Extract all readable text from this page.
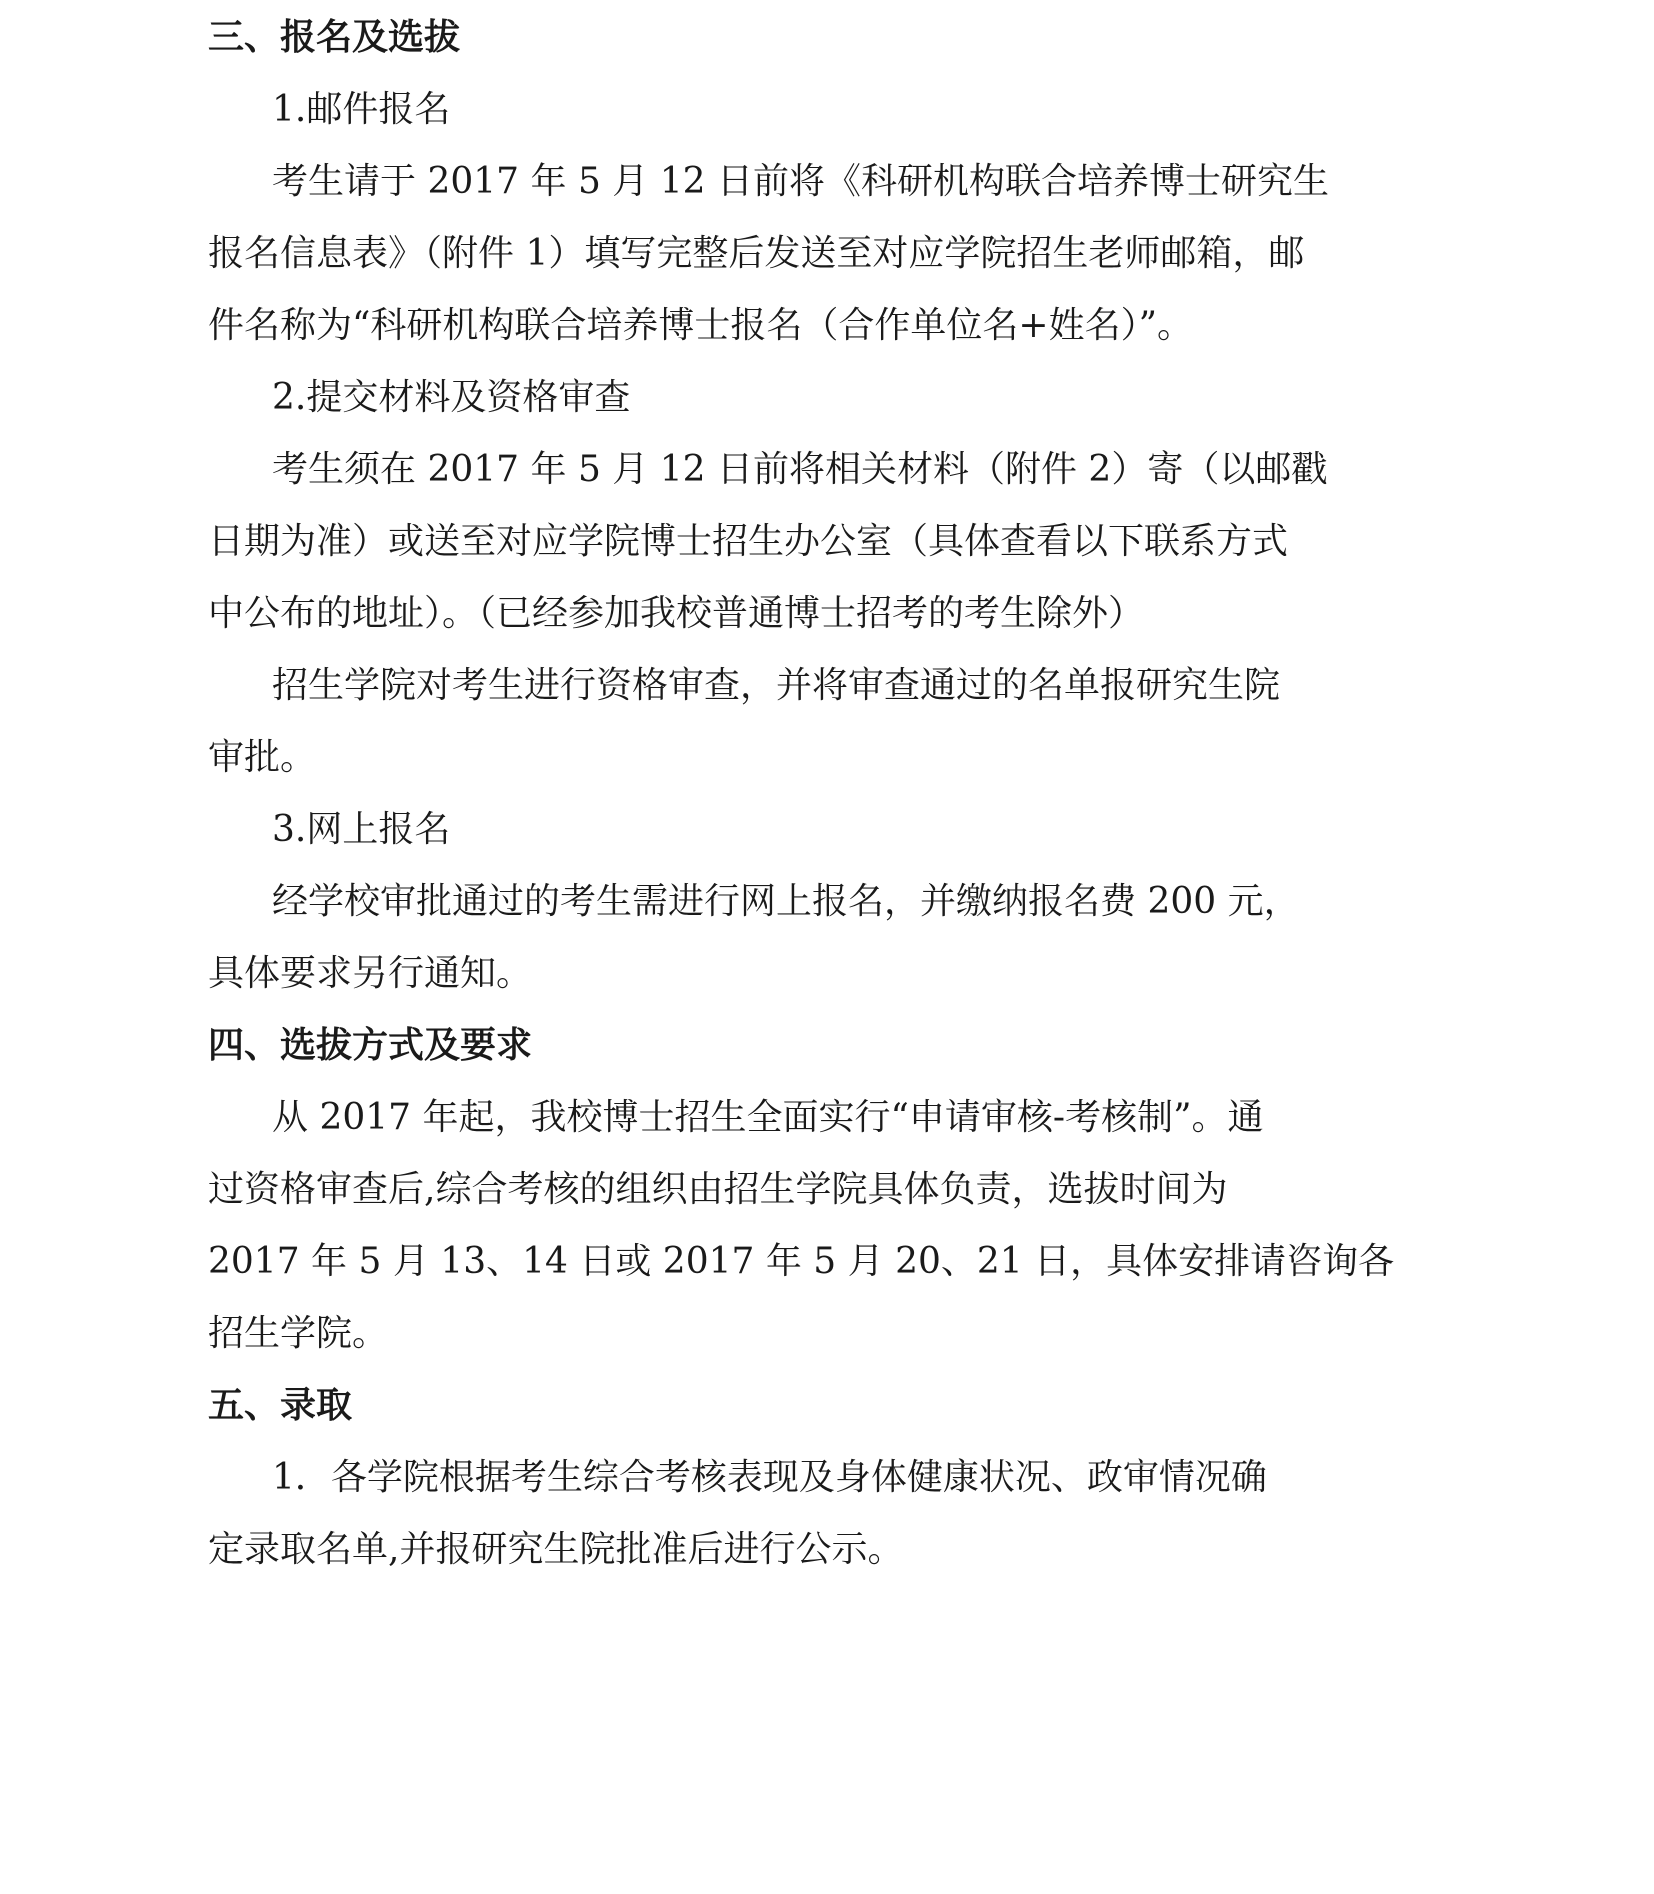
三、报名及选拔
1.邮件报名
考生请于 2017 年 5 月 12 日前将《科研机构联合培养博士研究生
报名信息表》（附件 1）填写完整后发送至对应学院招生老师邮箱，邮
件名称为“科研机构联合培养博士报名（合作单位名+姓名）”。
2.提交材料及资格审查
考生须在 2017 年 5 月 12 日前将相关材料（附件 2）寄（以邮戳
日期为准）或送至对应学院博士招生办公室（具体查看以下联系方式
中公布的地址）。（已经参加我校普通博士招考的考生除外）
招生学院对考生进行资格审查，并将审查通过的名单报研究生院
审批。
3.网上报名
经学校审批通过的考生需进行网上报名，并缴纳报名费 200 元，
具体要求另行通知。
四、选拔方式及要求
从 2017 年起，我校博士招生全面实行“申请审核-考核制”。通
过资格审查后,综合考核的组织由招生学院具体负责，选拔时间为
2017 年 5 月 13、14 日或 2017 年 5 月 20、21 日，具体安排请咨询各
招生学院。
五、录取
1．各学院根据考生综合考核表现及身体健康状况、政审情况确
定录取名单,并报研究生院批准后进行公示。
